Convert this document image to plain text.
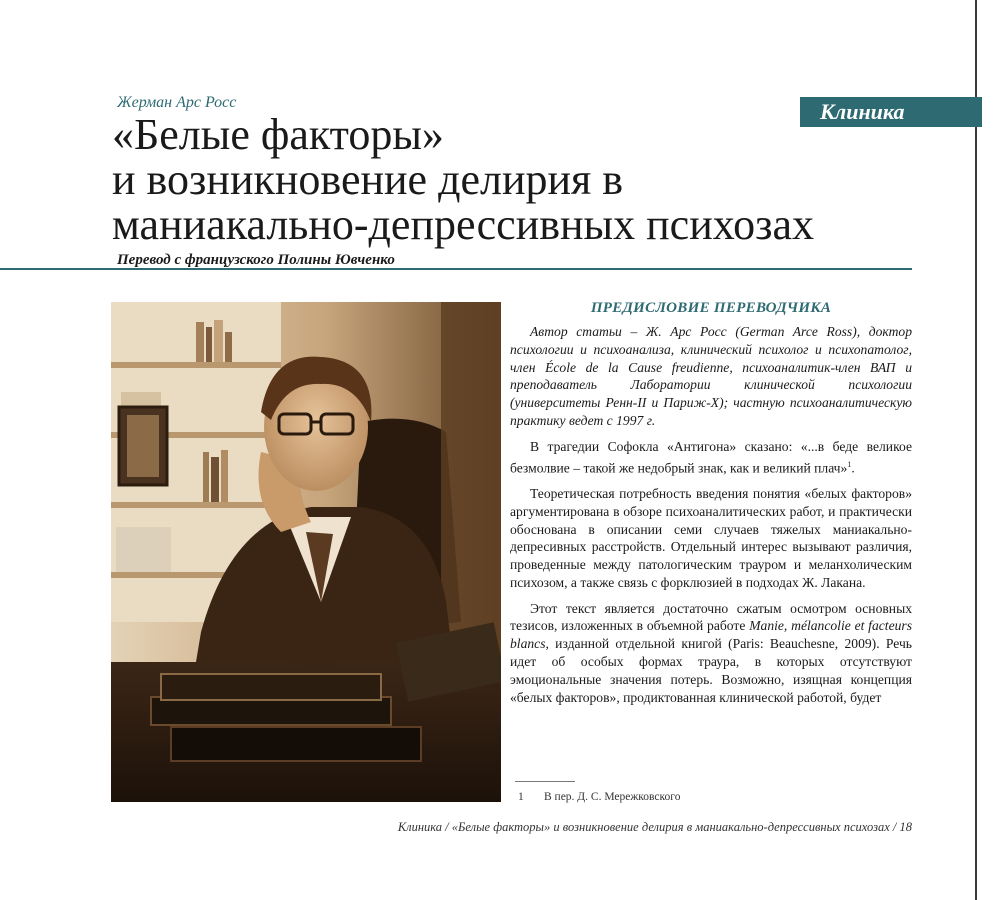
Жерман Арс Росс	Клиника
«Белые факторы»
и возникновение делирия в
маниакально-депрессивных психозах
Перевод с французского Полины Ювченко
ПРЕДИСЛОВИЕ ПЕРЕВОДЧИКА

Автор статьи – Ж. Арс Росс (German Arce Ross), доктор психологии и психоанализа, клинический психолог и психопатолог, член École de la Cause freudienne, психоаналитик-член ВАП и преподаватель Лаборатории клинической психологии (университеты Ренн-II и Париж-X); частную психоаналитическую практику ведет с 1997 г.

В трагедии Софокла «Антигона» сказано: «...в беде великое безмолвие – такой же недобрый знак, как и великий плач»$^1$.

Теоретическая потребность введения понятия «белых факторов» аргументирована в обзоре психоаналитических работ, и практически обоснована в описании семи случаев тяжелых маниакально-депресивных расстройств. Отдельный интерес вызывают различия, проведенные между патологическим трауром и меланхолическим психозом, а также связь с форклюзией в подходах Ж. Лакана.

Этот текст является достаточно сжатым осмотром основных тезисов, изложенных в объемной работе Manie, mélancolie et facteurs blancs, изданной отдельной книгой (Paris: Beauchesne, 2009). Речь идет об особых формах траура, в которых отсутствуют эмоциональные значения потерь. Возможно, изящная концепция «белых факторов», продиктованная клинической работой, будет

1 В пер. Д. С. Мережковского
Клиника / «Белые факторы» и возникновение делирия в маниакально-депрессивных психозах / 18
